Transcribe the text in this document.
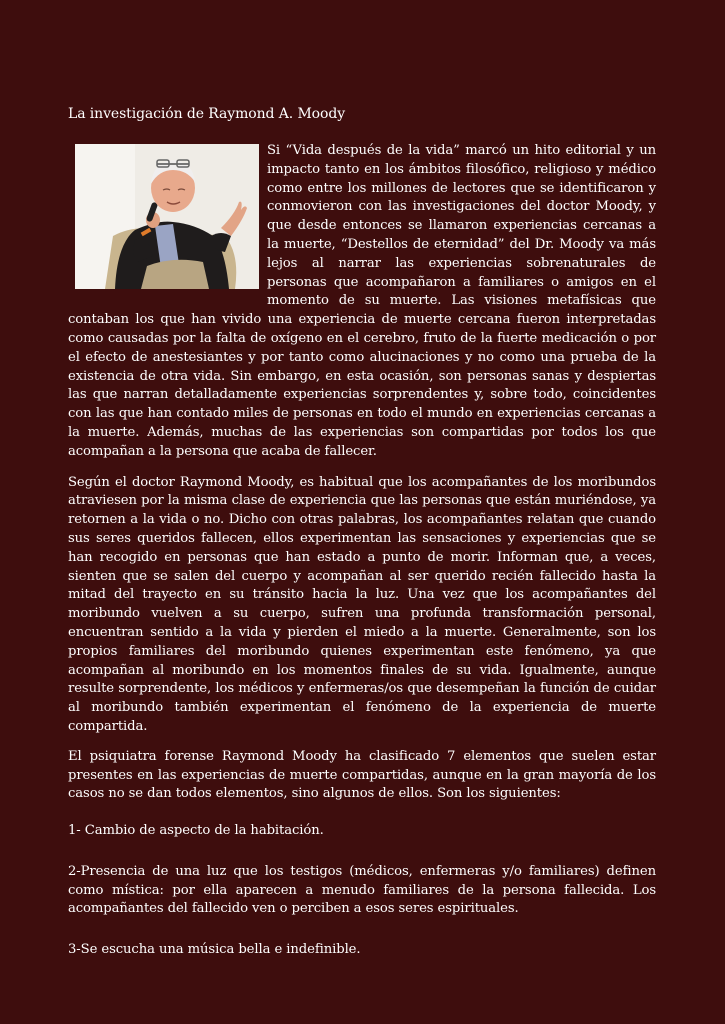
La investigación de Raymond A. Moody

Si “Vida después de la vida” marcó un hito editorial y un impacto tanto en los ámbitos filosófico, religioso y médico como entre los millones de lectores que se identificaron y conmovieron con las investigaciones del doctor Moody, y que desde entonces se llamaron experiencias cercanas a la muerte, “Destellos de eternidad” del Dr. Moody va más lejos al narrar las experiencias sobrenaturales de personas que acompañaron a familiares o amigos en el momento de su muerte. Las visiones metafísicas que contaban los que han vivido una experiencia de muerte cercana fueron interpretadas como causadas por la falta de oxígeno en el cerebro, fruto de la fuerte medicación o por el efecto de anestesiantes y por tanto como alucinaciones y no como una prueba de la existencia de otra vida. Sin embargo, en esta ocasión, son personas sanas y despiertas las que narran detalladamente experiencias sorprendentes y, sobre todo, coincidentes con las que han contado miles de personas en todo el mundo en experiencias cercanas a la muerte. Además, muchas de las experiencias son compartidas por todos los que acompañan a la persona que acaba de fallecer.

Según el doctor Raymond Moody, es habitual que los acompañantes de los moribundos atraviesen por la misma clase de experiencia que las personas que están muriéndose, ya retornen a la vida o no. Dicho con otras palabras, los acompañantes relatan que cuando sus seres queridos fallecen, ellos experimentan las sensaciones y experiencias que se han recogido en personas que han estado a punto de morir. Informan que, a veces, sienten que se salen del cuerpo y acompañan al ser querido recién fallecido hasta la mitad del trayecto en su tránsito hacia la luz. Una vez que los acompañantes del moribundo vuelven a su cuerpo, sufren una profunda transformación personal, encuentran sentido a la vida y pierden el miedo a la muerte. Generalmente, son los propios familiares del moribundo quienes experimentan este fenómeno, ya que acompañan al moribundo en los momentos finales de su vida. Igualmente, aunque resulte sorprendente, los médicos y enfermeras/os que desempeñan la función de cuidar al moribundo también experimentan el fenómeno de la experiencia de muerte compartida.

El psiquiatra forense Raymond Moody ha clasificado 7 elementos que suelen estar presentes en las experiencias de muerte compartidas, aunque en la gran mayoría de los casos no se dan todos elementos, sino algunos de ellos. Son los siguientes:

1- Cambio de aspecto de la habitación.

2-Presencia de una luz que los testigos (médicos, enfermeras y/o familiares) definen como mística: por ella aparecen a menudo familiares de la persona fallecida. Los acompañantes del fallecido ven o perciben a esos seres espirituales.

3-Se escucha una música bella e indefinible.
